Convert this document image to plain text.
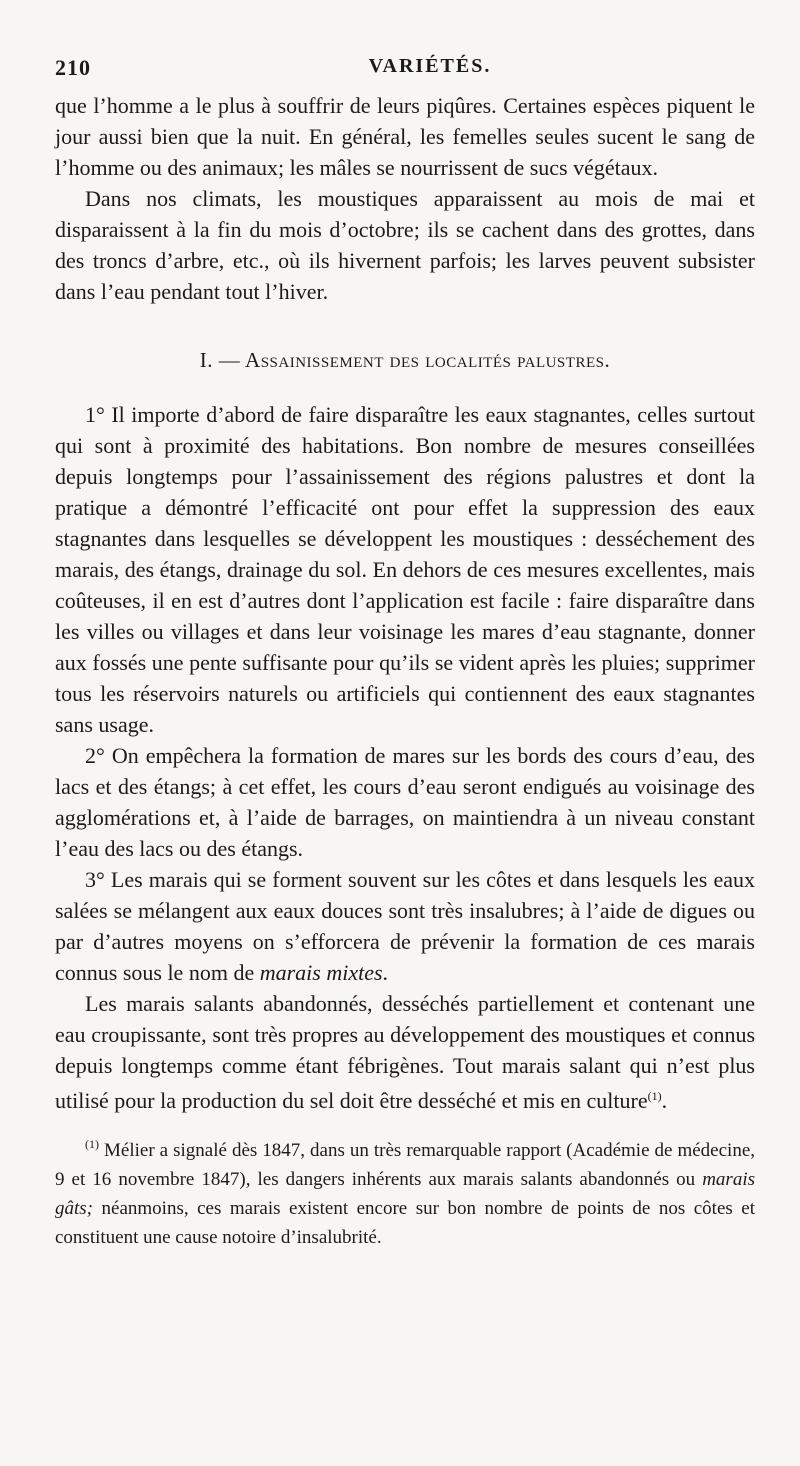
210	VARIÉTÉS.

que l’homme a le plus à souffrir de leurs piqûres. Certaines espèces piquent le jour aussi bien que la nuit. En général, les femelles seules sucent le sang de l’homme ou des animaux; les mâles se nourrissent de sucs végétaux.

Dans nos climats, les moustiques apparaissent au mois de mai et disparaissent à la fin du mois d’octobre; ils se cachent dans des grottes, dans des troncs d’arbre, etc., où ils hivernent parfois; les larves peuvent subsister dans l’eau pendant tout l’hiver.

I. — Assainissement des localités palustres.

1° Il importe d’abord de faire disparaître les eaux stagnantes, celles surtout qui sont à proximité des habitations. Bon nombre de mesures conseillées depuis longtemps pour l’assainissement des régions palustres et dont la pratique a démontré l’efficacité ont pour effet la suppression des eaux stagnantes dans lesquelles se développent les moustiques : desséchement des marais, des étangs, drainage du sol. En dehors de ces mesures excellentes, mais coûteuses, il en est d’autres dont l’application est facile : faire disparaître dans les villes ou villages et dans leur voisinage les mares d’eau stagnante, donner aux fossés une pente suffisante pour qu’ils se vident après les pluies; supprimer tous les réservoirs naturels ou artificiels qui contiennent des eaux stagnantes sans usage.

2° On empêchera la formation de mares sur les bords des cours d’eau, des lacs et des étangs; à cet effet, les cours d’eau seront endigués au voisinage des agglomérations et, à l’aide de barrages, on maintiendra à un niveau constant l’eau des lacs ou des étangs.

3° Les marais qui se forment souvent sur les côtes et dans lesquels les eaux salées se mélangent aux eaux douces sont très insalubres; à l’aide de digues ou par d’autres moyens on s’efforcera de prévenir la formation de ces marais connus sous le nom de marais mixtes.

Les marais salants abandonnés, desséchés partiellement et contenant une eau croupissante, sont très propres au développement des moustiques et connus depuis longtemps comme étant fébrigènes. Tout marais salant qui n’est plus utilisé pour la production du sel doit être desséché et mis en culture$^{(1)}$.

$^{(1)}$ Mélier a signalé dès 1847, dans un très remarquable rapport (Académie de médecine, 9 et 16 novembre 1847), les dangers inhérents aux marais salants abandonnés ou marais gâts; néanmoins, ces marais existent encore sur bon nombre de points de nos côtes et constituent une cause notoire d’insalubrité.
